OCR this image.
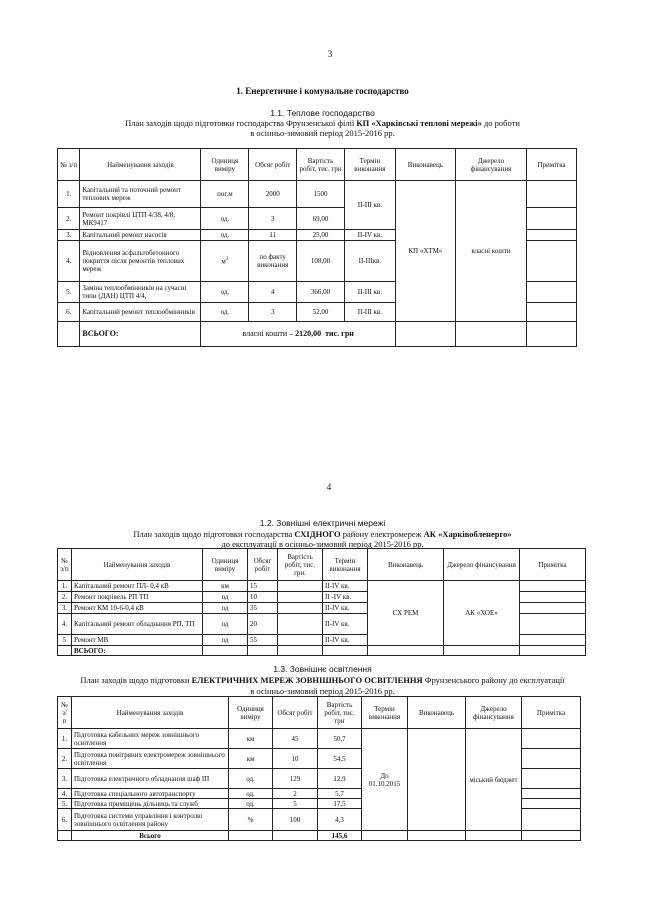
3
1. Енергетичне і комунальне господарство
1.1. Теплове господарство
План заходів щодо підготовки господарства Фрунзенської філії КП «Харківські теплові мережі» до роботи
в осінньо-зимовий період 2015-2016 рр.
№ з/п	Найменування заходів	Одиниця виміру	Обсяг робіт	Вартість робіт, тис. грн	Термін виконання	Виконавець	Джерело фінансування	Примітка
1.	Капітальний та поточний ремонт теплових мереж	пог.м	2000	1500	II-III кв.	КП «ХТМ»	власні кошти	
2.	Ремонт покрівлі ЦТП 4/38, 4/8, МК9417	од.	3	69,00				
3.	Капітальний ремонт насосів	од.	11	25,00	II-IV кв.			
4.	Відновлення асфальтобетонного покриття після ремонтів теплових мереж	$м^2$	по факту виконання	108,00	II-IIIкв.			
5.	Заміна теплообмінників на сучасні типи (ДАН) ЦТП 4/4,	од.	4	366,00	II-III кв.			
6.	Капітальний ремонт теплообмінників	од.	3	52,00	II-III кв.			
	ВСЬОГО:	власні кошти – 2120,00 тис. грн						
4
1.2. Зовнішні електричні мережі
План заходів щодо підготовки господарства СХІДНОГО району електромереж АК «Харківобленерго»
до експлуатації в осінньо-зимовий період 2015-2016 рр.
№ з/п	Найменування заходів	Одиниця виміру	Обсяг робіт	Вартість робіт, тис. грн.	Термін виконання	Виконавець	Джерело фінансування	Примітка
1.	Капітальний ремонт ПЛ- 0,4 кВ	км	15		II-IV кв.	СХ РЕМ	АК «ХОЕ»	
2.	Ремонт покрівель РП ТП	од	10		II -IV кв.			
3.	Ремонт КМ 10-6-0,4 кВ	од	35		II-IV кв.			
4.	Капітальний ремонт обладнання РП, ТП	од	20		II-IV кв.			
5	Ремонт МВ	од	55		II-IV кв.			
	ВСЬОГО:							
1.3. Зовнішнє освітлення
План заходів щодо підготовки ЕЛЕКТРИЧНИХ МЕРЕЖ ЗОВНІШНЬОГО ОСВІТЛЕННЯ Фрунзенського району до експлуатації
в осінньо-зимовий період 2015-2016 рр.
№ з/ п	Найменування заходів	Одиниця виміру	Обсяг робіт	Вартість робіт, тис. грн	Термін виконання	Виконавець	Джерело фінансування	Примітка
1.	Підготовка кабельних мереж зовнішнього освітлення	км	45	50,7	До 01.10.2015		міський бюджет	
2.	Підготовка повітряних електромереж зовнішнього освітлення	км	10	54,5				
3.	Підготовка електричного обладнання шаф ІП	од.	129	12,9				
4.	Підготовка спеціального автотранспорту	од.	2	5,7				
5.	Підготовка приміщень дільниць та служб	од.	5	17,5				
6.	Підготовка системи управління і контролю зовнішнього освітлення району	%	100	4,3				
	Всього			145,6				
